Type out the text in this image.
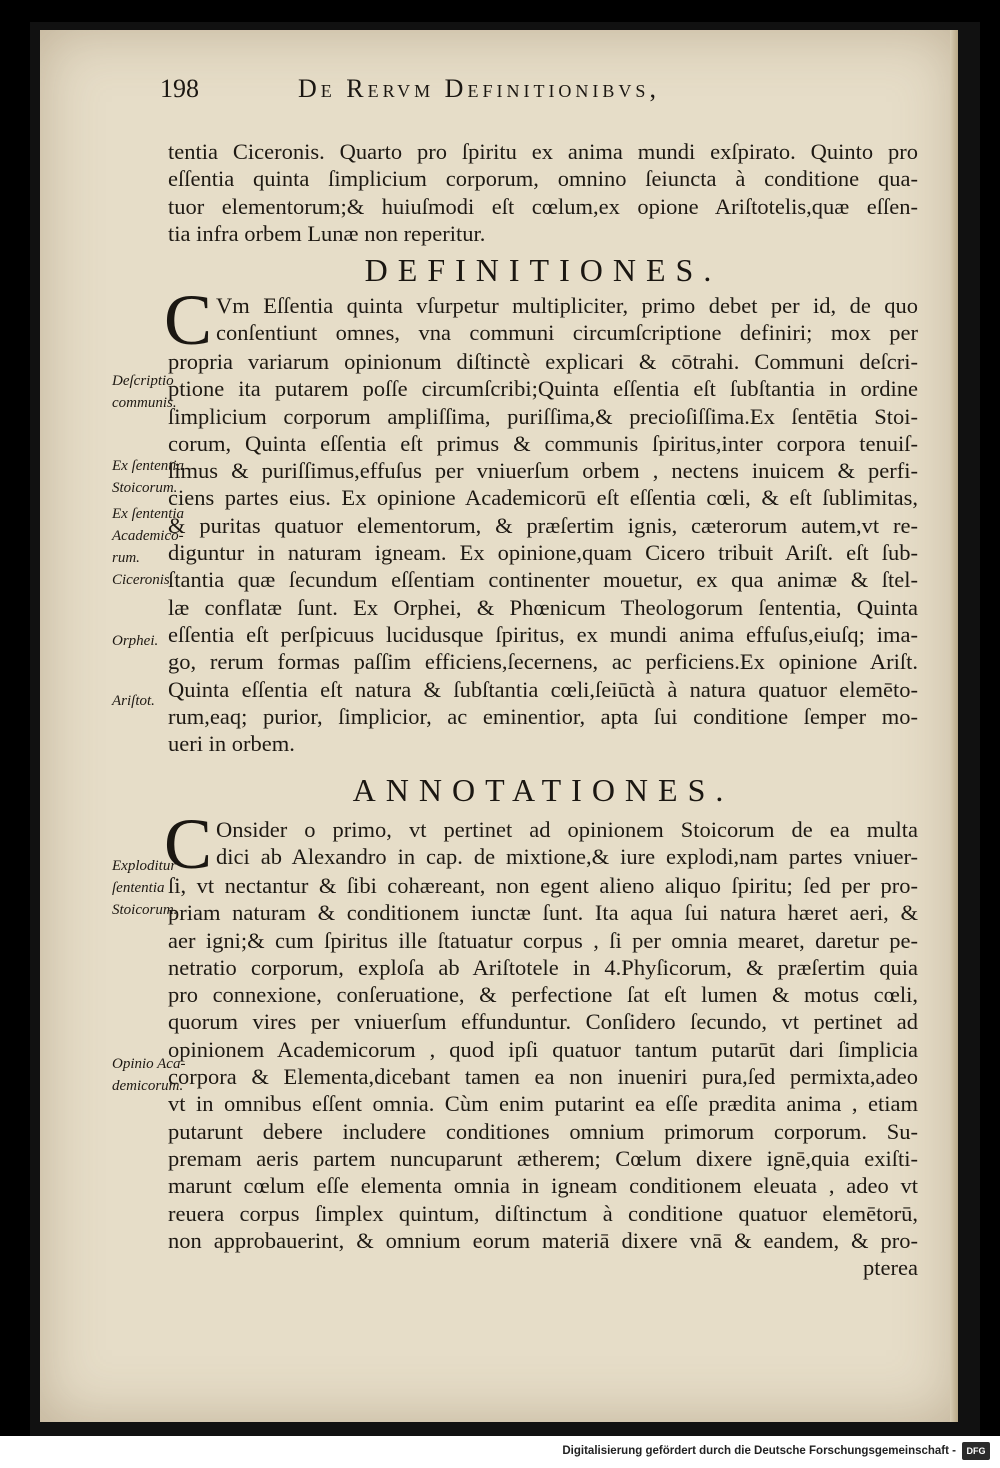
198	De Rervm Definitionibvs,
tentia Ciceronis. Quarto pro ſpiritu ex anima mundi exſpirato. Quinto pro
eſſentia quinta ſimplicium corporum, omnino ſeiuncta à conditione qua-
tuor elementorum;& huiuſmodi eſt cœlum,ex opione Ariſtotelis,quæ eſſen-
tia infra orbem Lunæ non reperitur.
DEFINITIONES.
C Vm Eſſentia quinta vſurpetur multipliciter, primo debet per id, de quo
conſentiunt omnes, vna communi circumſcriptione definiri; mox per
propria variarum opinionum diſtinctè explicari & cōtrahi. Communi deſcri-
ptione ita putarem poſſe circumſcribi;Quinta eſſentia eſt ſubſtantia in ordine
ſimplicium corporum ampliſſima, puriſſima,& precioſiſſima.Ex ſentētia Stoi-
corum, Quinta eſſentia eſt primus & communis ſpiritus,inter corpora tenuiſ-
ſimus & puriſſimus,effuſus per vniuerſum orbem , nectens inuicem & perfi-
ciens partes eius. Ex opinione Academicorū eſt eſſentia cœli, & eſt ſublimitas,
& puritas quatuor elementorum, & præſertim ignis, cæterorum autem,vt re-
diguntur in naturam igneam. Ex opinione,quam Cicero tribuit Ariſt. eſt ſub-
ſtantia quæ ſecundum eſſentiam continenter mouetur, ex qua animæ & ſtel-
læ conflatæ ſunt. Ex Orphei, & Phœnicum Theologorum ſententia, Quinta
eſſentia eſt perſpicuus lucidusque ſpiritus, ex mundi anima effuſus,eiuſq; ima-
go, rerum formas paſſim efficiens,ſecernens, ac perficiens.Ex opinione Ariſt.
Quinta eſſentia eſt natura & ſubſtantia cœli,ſeiūctà à natura quatuor elemēto-
rum,eaq; purior, ſimplicior, ac eminentior, apta ſui conditione ſemper mo-
ueri in orbem.
ANNOTATIONES.
C Onsider o primo, vt pertinet ad opinionem Stoicorum de ea multa
dici ab Alexandro in cap. de mixtione,& iure explodi,nam partes vniuer-
ſi, vt nectantur & ſibi cohæreant, non egent alieno aliquo ſpiritu; ſed per pro-
priam naturam & conditionem iunctæ ſunt. Ita aqua ſui natura hæret aeri, &
aer igni;& cum ſpiritus ille ſtatuatur corpus , ſi per omnia mearet, daretur pe-
netratio corporum, exploſa ab Ariſtotele in 4.Phyſicorum, & præſertim quia
pro connexione, conſeruatione, & perfectione ſat eſt lumen & motus cœli,
quorum vires per vniuerſum effunduntur. Conſidero ſecundo, vt pertinet ad
opinionem Academicorum , quod ipſi quatuor tantum putarūt dari ſimplicia
corpora & Elementa,dicebant tamen ea non inueniri pura,ſed permixta,adeo
vt in omnibus eſſent omnia. Cùm enim putarint ea eſſe prædita anima , etiam
putarunt debere includere conditiones omnium primorum corporum. Su-
premam aeris partem nuncuparunt ætherem; Cœlum dixere ignē,quia exiſti-
marunt cœlum eſſe elementa omnia in igneam conditionem eleuata , adeo vt
reuera corpus ſimplex quintum, diſtinctum à conditione quatuor elemētorū,
non approbauerint, & omnium eorum materiā dixere vnā & eandem, & pro-
pterea
Deſcriptio
communis.
Ex ſententia
Stoicorum.
Ex ſententia
Academico-
rum.
Ciceronis.
Orphei.
Ariſtot.
Exploditur
ſententia
Stoicorum.
Opinio Aca-
demicorum.
Digitalisierung gefördert durch die Deutsche Forschungsgemeinschaft -	DFG
